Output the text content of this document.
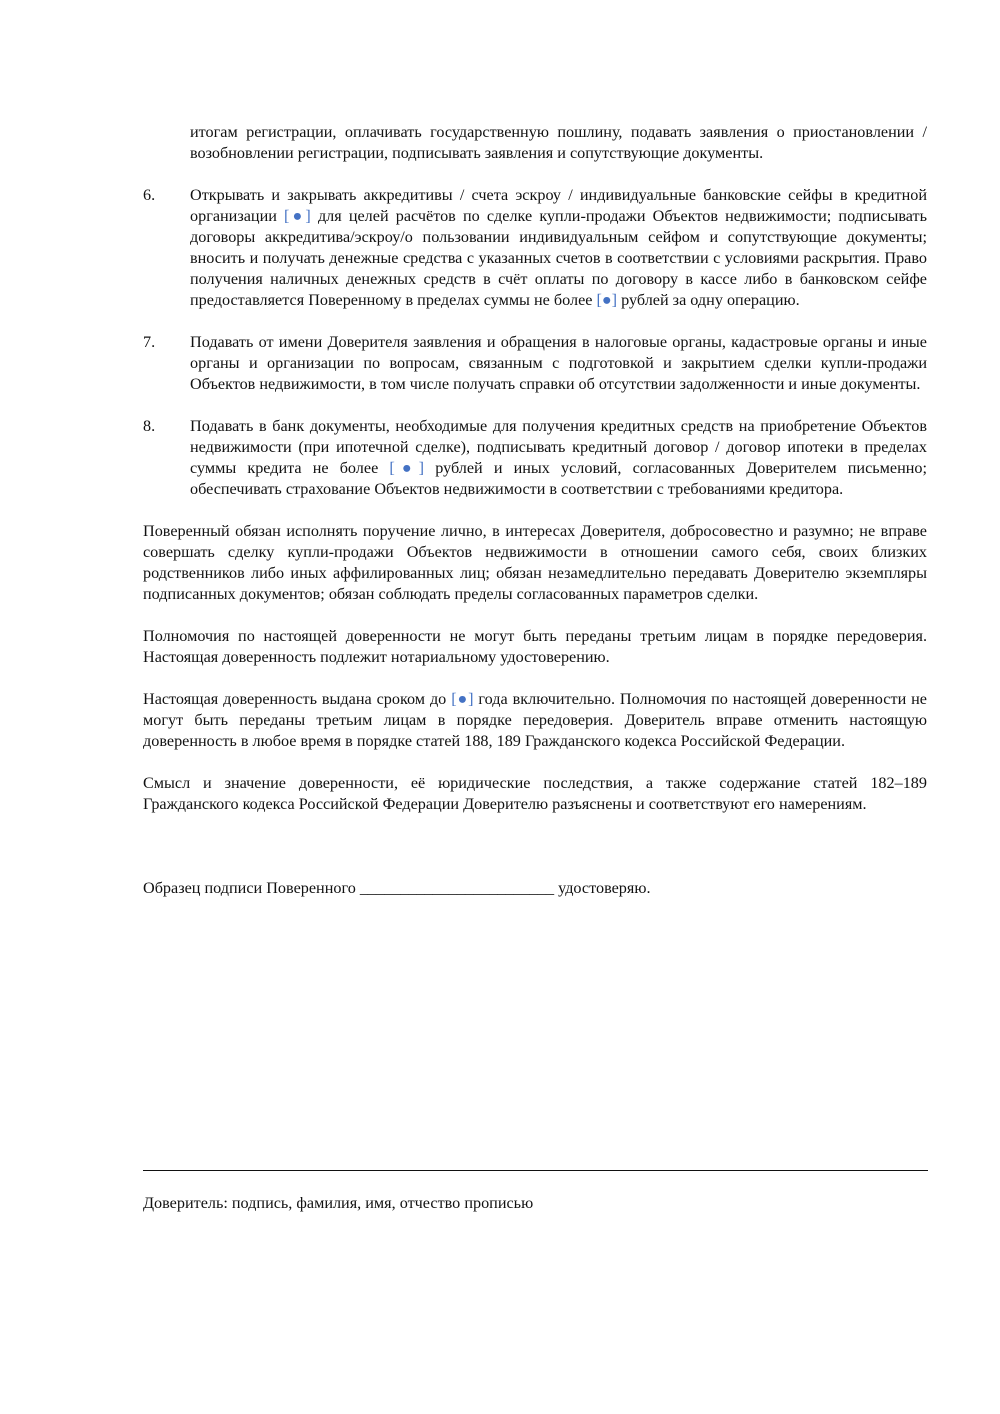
итогам регистрации, оплачивать государственную пошлину, подавать заявления о приостановлении / возобновлении регистрации, подписывать заявления и сопутствующие документы.
6.	Открывать и закрывать аккредитивы / счета эскроу / индивидуальные банковские сейфы в кредитной организации [●] для целей расчётов по сделке купли-продажи Объектов недвижимости; подписывать договоры аккредитива/эскроу/о пользовании индивидуальным сейфом и сопутствующие документы; вносить и получать денежные средства с указанных счетов в соответствии с условиями раскрытия. Право получения наличных денежных средств в счёт оплаты по договору в кассе либо в банковском сейфе предоставляется Поверенному в пределах суммы не более [●] рублей за одну операцию.
7.	Подавать от имени Доверителя заявления и обращения в налоговые органы, кадастровые органы и иные органы и организации по вопросам, связанным с подготовкой и закрытием сделки купли-продажи Объектов недвижимости, в том числе получать справки об отсутствии задолженности и иные документы.
8.	Подавать в банк документы, необходимые для получения кредитных средств на приобретение Объектов недвижимости (при ипотечной сделке), подписывать кредитный договор / договор ипотеки в пределах суммы кредита не более [●] рублей и иных условий, согласованных Доверителем письменно; обеспечивать страхование Объектов недвижимости в соответствии с требованиями кредитора.

Поверенный обязан исполнять поручение лично, в интересах Доверителя, добросовестно и разумно; не вправе совершать сделку купли-продажи Объектов недвижимости в отношении самого себя, своих близких родственников либо иных аффилированных лиц; обязан незамедлительно передавать Доверителю экземпляры подписанных документов; обязан соблюдать пределы согласованных параметров сделки.

Полномочия по настоящей доверенности не могут быть переданы третьим лицам в порядке передоверия. Настоящая доверенность подлежит нотариальному удостоверению.

Настоящая доверенность выдана сроком до [●] года включительно. Полномочия по настоящей доверенности не могут быть переданы третьим лицам в порядке передоверия. Доверитель вправе отменить настоящую доверенность в любое время в порядке статей 188, 189 Гражданского кодекса Российской Федерации.

Смысл и значение доверенности, её юридические последствия, а также содержание статей 182–189 Гражданского кодекса Российской Федерации Доверителю разъяснены и соответствуют его намерениям.

Образец подписи Поверенного ________________________ удостоверяю.
Доверитель: подпись, фамилия, имя, отчество прописью
